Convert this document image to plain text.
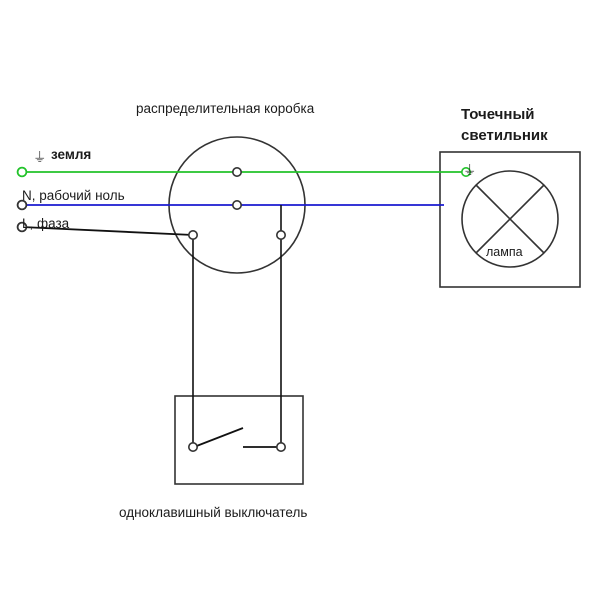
распределительная коробка	Точечный
светильник
⏚ земля
N, рабочий ноль
L, фаза
⏚
лампа
одноклавишный выключатель
